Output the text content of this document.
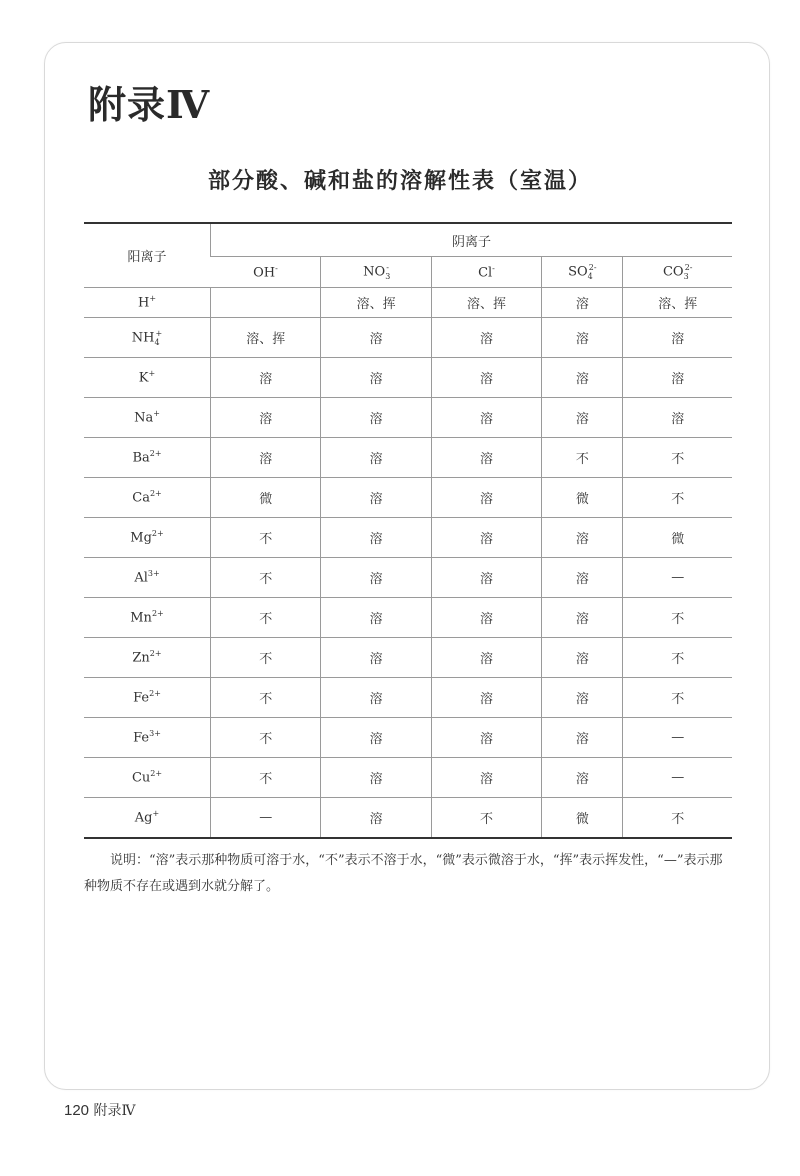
附录Ⅳ
部分酸、碱和盐的溶解性表（室温）
阳离子	阴离子				
	OH-	$NO_3^-$	Cl-	$SO_4^{2-}$	$CO_3^{2-}$
H+		溶、挥	溶、挥	溶	溶、挥
$NH_4^+$	溶、挥	溶	溶	溶	溶
K+	溶	溶	溶	溶	溶
Na+	溶	溶	溶	溶	溶
$Ba^{2+}$	溶	溶	溶	不	不
$Ca^{2+}$	微	溶	溶	微	不
$Mg^{2+}$	不	溶	溶	溶	微
$Al^{3+}$	不	溶	溶	溶	—
$Mn^{2+}$	不	溶	溶	溶	不
$Zn^{2+}$	不	溶	溶	溶	不
$Fe^{2+}$	不	溶	溶	溶	不
$Fe^{3+}$	不	溶	溶	溶	—
$Cu^{2+}$	不	溶	溶	溶	—
Ag+	—	溶	不	微	不
说明：“溶”表示那种物质可溶于水，“不”表示不溶于水，“微”表示微溶于水，“挥”表示挥发性，“—”表示那种物质不存在或遇到水就分解了。
120 附录Ⅳ
